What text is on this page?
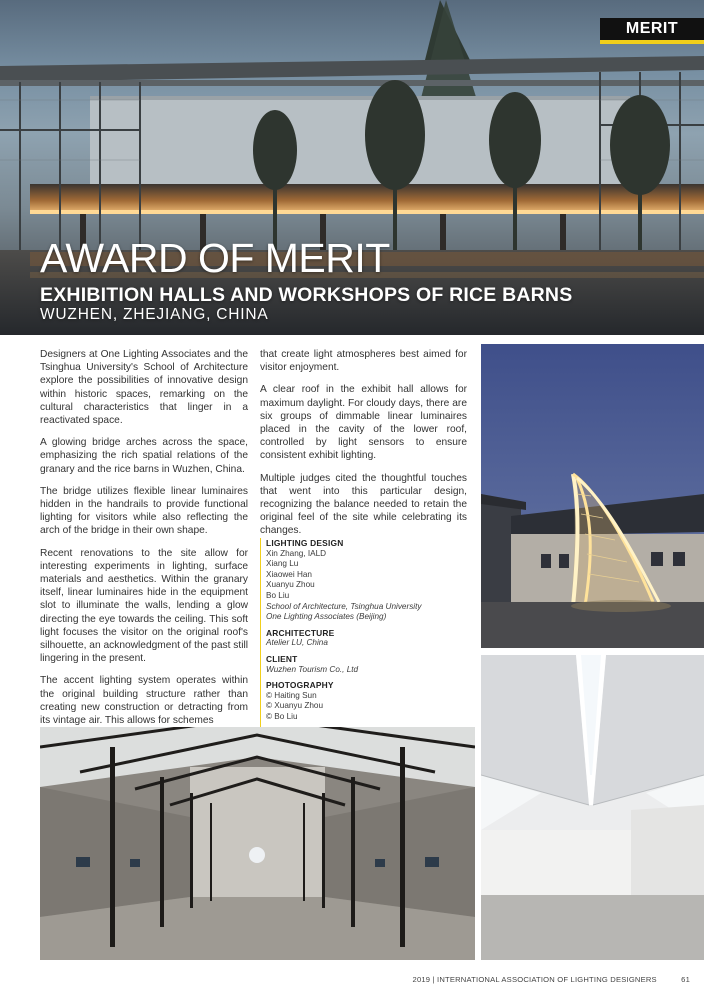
MERIT
AWARD OF MERIT
EXHIBITION HALLS AND WORKSHOPS OF RICE BARNS
WUZHEN, ZHEJIANG, CHINA

Designers at One Lighting Associates and the Tsinghua University's School of Architecture explore the possibilities of innovative design within historic spaces, remarking on the cultural characteristics that linger in a reactivated space.

A glowing bridge arches across the space, emphasizing the rich spatial relations of the granary and the rice barns in Wuzhen, China.

The bridge utilizes flexible linear luminaires hidden in the handrails to provide functional lighting for visitors while also reflecting the arch of the bridge in their own shape.

Recent renovations to the site allow for interesting experiments in lighting, surface materials and aesthetics. Within the granary itself, linear luminaires hide in the equipment slot to illuminate the walls, lending a glow directing the eye towards the ceiling. This soft light focuses the visitor on the original roof's silhouette, an acknowledgment of the past still lingering in the present.

The accent lighting system operates within the original building structure rather than creating new construction or detracting from its vintage air. This allows for schemes

that create light atmospheres best aimed for visitor enjoyment.

A clear roof in the exhibit hall allows for maximum daylight. For cloudy days, there are six groups of dimmable linear luminaires placed in the cavity of the lower roof, controlled by light sensors to ensure consistent exhibit lighting.

Multiple judges cited the thoughtful touches that went into this particular design, recognizing the balance needed to retain the original feel of the site while celebrating its changes.

LIGHTING DESIGN
Xin Zhang, IALD
Xiang Lu
Xiaowei Han
Xuanyu Zhou
Bo Liu
School of Architecture, Tsinghua University
One Lighting Associates (Beijing)
ARCHITECTURE
Atelier LU, China
CLIENT
Wuzhen Tourism Co., Ltd
PHOTOGRAPHY
© Haiting Sun
© Xuanyu Zhou
© Bo Liu
2019 | INTERNATIONAL ASSOCIATION OF LIGHTING DESIGNERS	61
